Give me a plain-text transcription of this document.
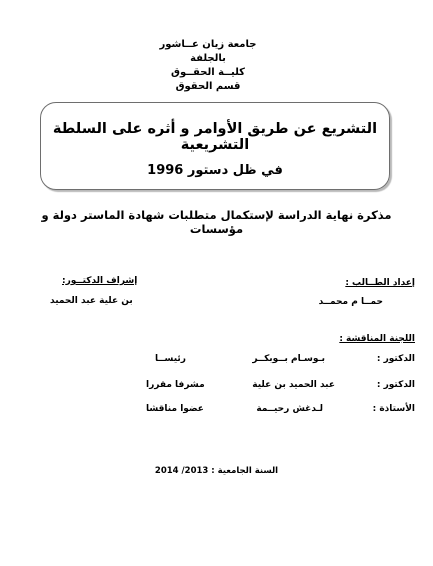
جامعة زيان عــاشور بالجلفة
كليــة الحقــوق
قسم الحقوق
التشريع عن طريق الأوامر و أثره على السلطة التشريعية
في ظل دستور 1996
مذكرة نهاية الدراسة لإستكمال متطلبات شهادة الماستر دولة و مؤسسات
إعداد الطــالب :
حمــا م محمــد
إشراف الدكتــور:
بن علية عبد الحميد
اللجنة المناقشة :
الدكتور :
بـوسـام بــوبكــر
رئيســا
الدكتور :
عبد الحميد بن علية
مشرفا مقررا
الأستاذة :
لـدغش رحيــمة
عضوا مناقشا
السنة الجامعية : 2013/ 2014
